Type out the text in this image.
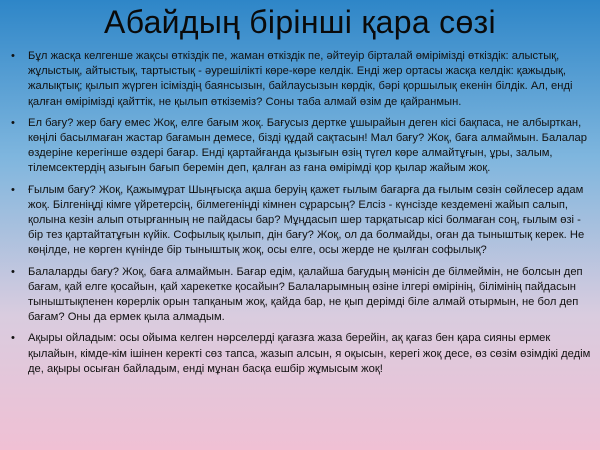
Абайдың бірінші қара сөзі
• Бұл жасқа келгенше жақсы өткіздік пе, жаман өткіздік пе, әйтеуір бірталай өмірімізді өткіздік: алыстық, жұлыстық, айтыстық, тартыстық - әурешілікті көре-көре келдік. Енді жер ортасы жасқа келдік: қажыдық, жалықтық; қылып жүрген ісіміздің баянсызын, байлаусызын көрдік, бәрі қоршылық екенін білдік. Ал, енді қалған өмірімізді қайттік, не қылып өткіземіз? Соны таба алмай өзім де қайранмын.
• Ел бағу? жер бағу емес Жоқ, елге бағым жоқ. Бағусыз дертке ұшырайын деген кісі бақпаса, не албырткан, көңілі басылмаған жастар бағамын демесе, бізді құдай сақтасын! Мал бағу? Жоқ, баға алмаймын. Балалар өздеріне керегінше өздері бағар. Енді қартайғанда қызығын өзің түгел көре алмайтұғын, ұры, залым, тілемсектердің азығын бағып беремін деп, қалған аз ғана өмірімді қор қылар жайым жоқ.
• Ғылым бағу? Жоқ, Қажымұрат Шыңғысқа ақша беруің қажет ғылым бағарға да ғылым сөзін сөйлесер адам жоқ. Білгеніңді кімге үйретерсің, білмегеніңді кімнен сұрарсың? Елсіз - күнсізде кездемені жайып салып, қолына кезін алып отырғанның не пайдасы бар? Мұңдасып шер тарқатысар кісі болмаған соң, ғылым өзі - бір тез қартайтатұғын күйік. Софылық қылып, дін бағу? Жоқ, ол да болмайды, оған да тыныштық керек. Не көңілде, не көрген күнінде бір тыныштық жоқ, осы елге, осы жерде не қылған софылық?
• Балаларды бағу? Жоқ, баға алмаймын. Бағар едім, қалайша бағудың мәнісін де білмеймін, не болсын деп бағам, қай елге қосайын, қай харекетке қосайын? Балаларымның өзіне ілгері өмірінің, білімінің пайдасын тыныштықпенен көрерлік орын тапқаным жоқ, қайда бар, не қып дерімді біле алмай отырмын, не бол деп бағам? Оны да ермек қыла алмадым.
• Ақыры ойладым: осы ойыма келген нәрселерді қағазға жаза берейін, ақ қағаз бен қара сияны ермек қылайын, кімде-кім ішінен керекті сөз тапса, жазып алсын, я оқысын, керегі жоқ десе, өз сөзім өзімдікі дедім де, ақыры осыған байладым, енді мұнан басқа ешбір жұмысым жоқ!
